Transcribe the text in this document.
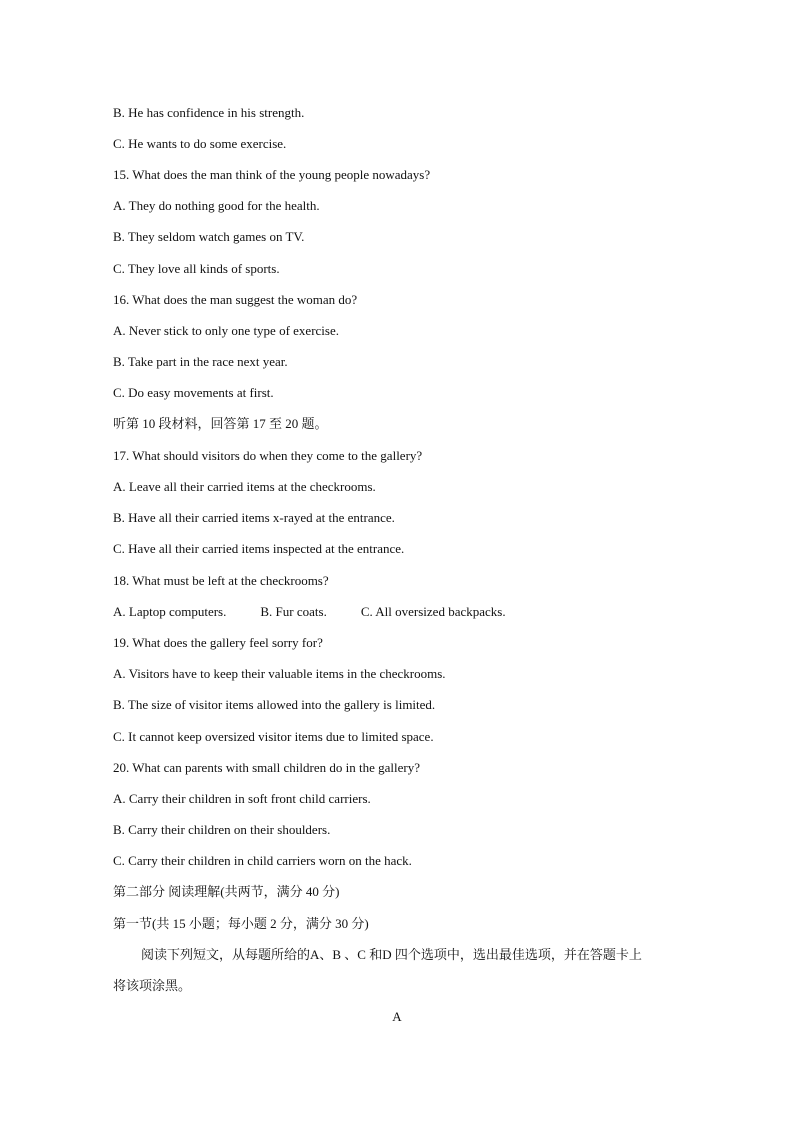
B. He has confidence in his strength.
C. He wants to do some exercise.
15. What does the man think of the young people nowadays?
A. They do nothing good for the health.
B. They seldom watch games on TV.
C. They love all kinds of sports.
16. What does the man suggest the woman do?
A. Never stick to only one type of exercise.
B. Take part in the race next year.
C. Do easy movements at first.
听第 10 段材料，回答第 17 至 20 题。
17. What should visitors do when they come to the gallery?
A. Leave all their carried items at the checkrooms.
B. Have all their carried items x-rayed at the entrance.
C. Have all their carried items inspected at the entrance.
18. What must be left at the checkrooms?
A. Laptop computers.	B. Fur coats.	C. All oversized backpacks.
19. What does the gallery feel sorry for?
A. Visitors have to keep their valuable items in the checkrooms.
B. The size of visitor items allowed into the gallery is limited.
C. It cannot keep oversized visitor items due to limited space.
20. What can parents with small children do in the gallery?
A. Carry their children in soft front child carriers.
B. Carry their children on their shoulders.
C. Carry their children in child carriers worn on the hack.
第二部分 阅读理解(共两节，满分 40 分)
第一节(共 15 小题；每小题 2 分，满分 30 分)
阅读下列短文，从每题所给的A、B 、C 和D 四个选项中，选出最佳选项，并在答题卡上
将该项涂黑。
A
